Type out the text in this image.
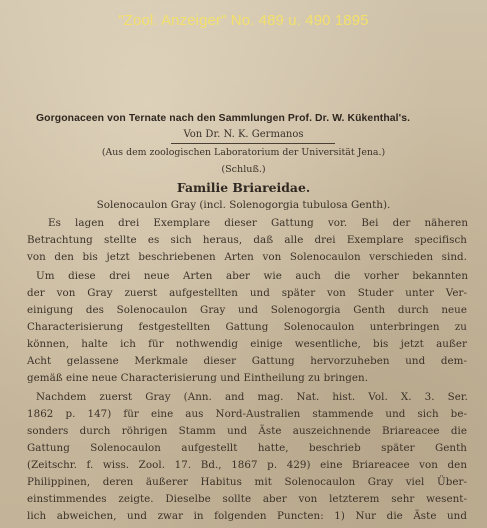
"Zool. Anzeiger" No. 489 u. 490 1895
Gorgonaceen von Ternate nach den Sammlungen Prof. Dr. W. Kükenthal's.
Von Dr. N. K. Germanos
(Aus dem zoologischen Laboratorium der Universität Jena.)
(Schluß.)
Familie Briareidae.
Solenocaulon Gray (incl. Solenogorgia tubulosa Genth).
Es lagen drei Exemplare dieser Gattung vor. Bei der näheren
Betrachtung stellte es sich heraus, daß alle drei Exemplare specifisch
von den bis jetzt beschriebenen Arten von Solenocaulon verschieden sind.
Um diese drei neue Arten aber wie auch die vorher bekannten
der von Gray zuerst aufgestellten und später von Studer unter Ver-
einigung des Solenocaulon Gray und Solenogorgia Genth durch neue
Characterisierung festgestellten Gattung Solenocaulon unterbringen zu
können, halte ich für nothwendig einige wesentliche, bis jetzt außer
Acht gelassene Merkmale dieser Gattung hervorzuheben und dem-
gemäß eine neue Characterisierung und Eintheilung zu bringen.
Nachdem zuerst Gray (Ann. and mag. Nat. hist. Vol. X. 3. Ser.
1862 p. 147) für eine aus Nord-Australien stammende und sich be-
sonders durch röhrigen Stamm und Äste auszeichnende Briareacee die
Gattung Solenocaulon aufgestellt hatte, beschrieb später Genth
(Zeitschr. f. wiss. Zool. 17. Bd., 1867 p. 429) eine Briareacee von den
Philippinen, deren äußerer Habitus mit Solenocaulon Gray viel Über-
einstimmendes zeigte. Dieselbe sollte aber von letzterem sehr wesent-
lich abweichen, und zwar in folgenden Puncten: 1) Nur die Äste und
